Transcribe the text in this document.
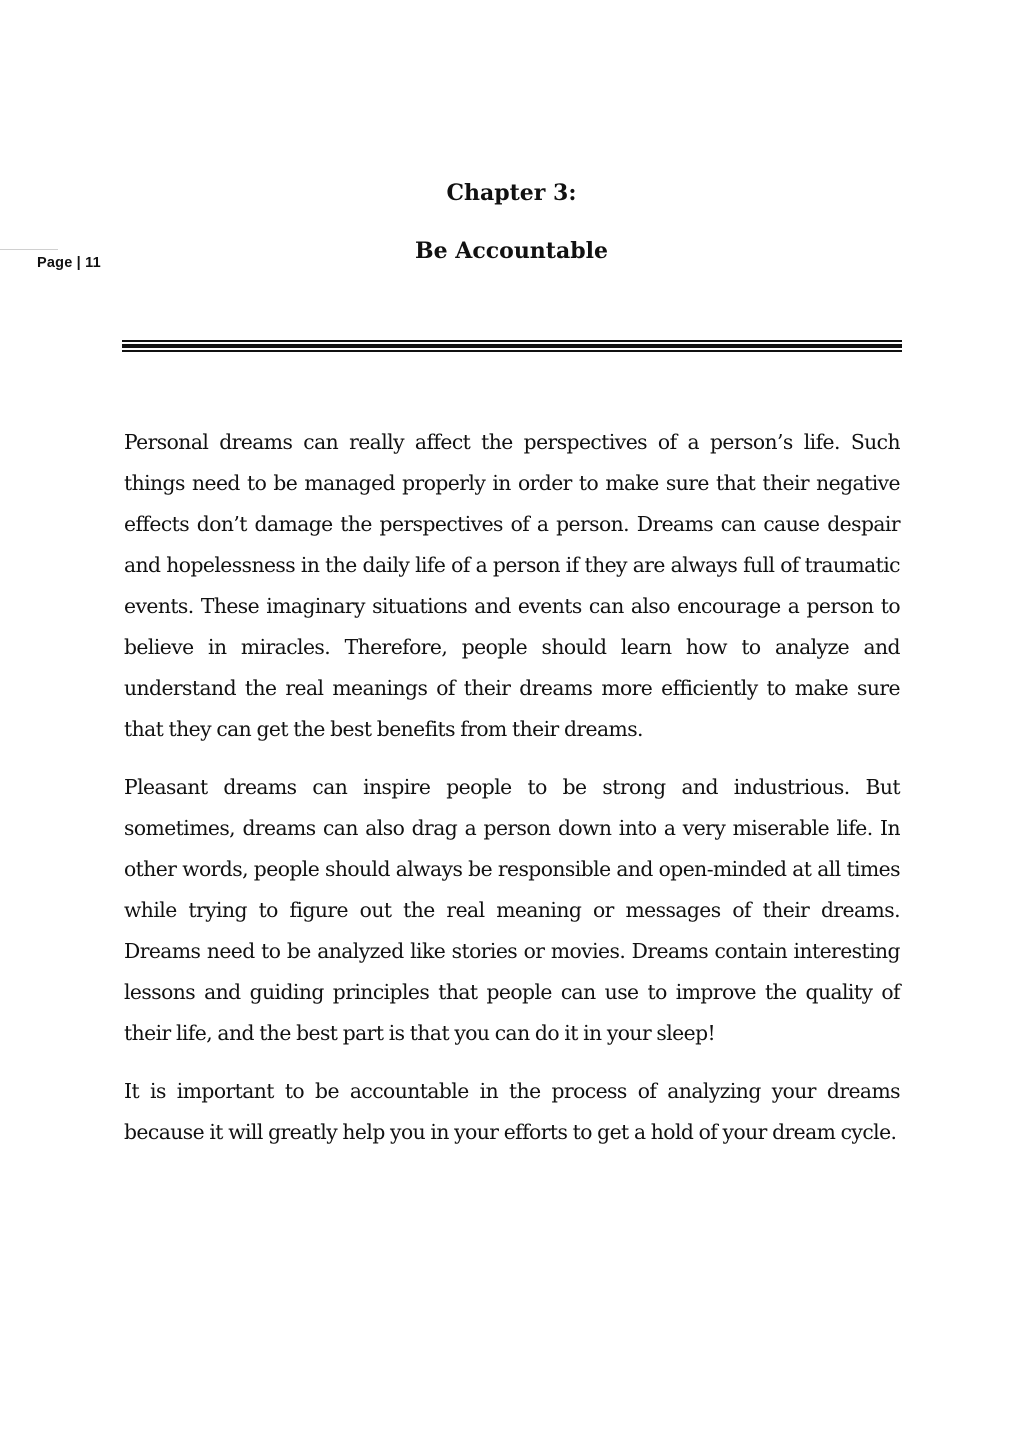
Page | 11
Chapter 3:
Be Accountable

Personal dreams can really affect the perspectives of a person’s life. Such things need to be managed properly in order to make sure that their negative effects don’t damage the perspectives of a person. Dreams can cause despair and hopelessness in the daily life of a person if they are always full of traumatic events. These imaginary situations and events can also encourage a person to believe in miracles. Therefore, people should learn how to analyze and understand the real meanings of their dreams more efficiently to make sure that they can get the best benefits from their dreams.

Pleasant dreams can inspire people to be strong and industrious. But sometimes, dreams can also drag a person down into a very miserable life. In other words, people should always be responsible and open-minded at all times while trying to figure out the real meaning or messages of their dreams. Dreams need to be analyzed like stories or movies. Dreams contain interesting lessons and guiding principles that people can use to improve the quality of their life, and the best part is that you can do it in your sleep!

It is important to be accountable in the process of analyzing your dreams because it will greatly help you in your efforts to get a hold of your dream cycle.
